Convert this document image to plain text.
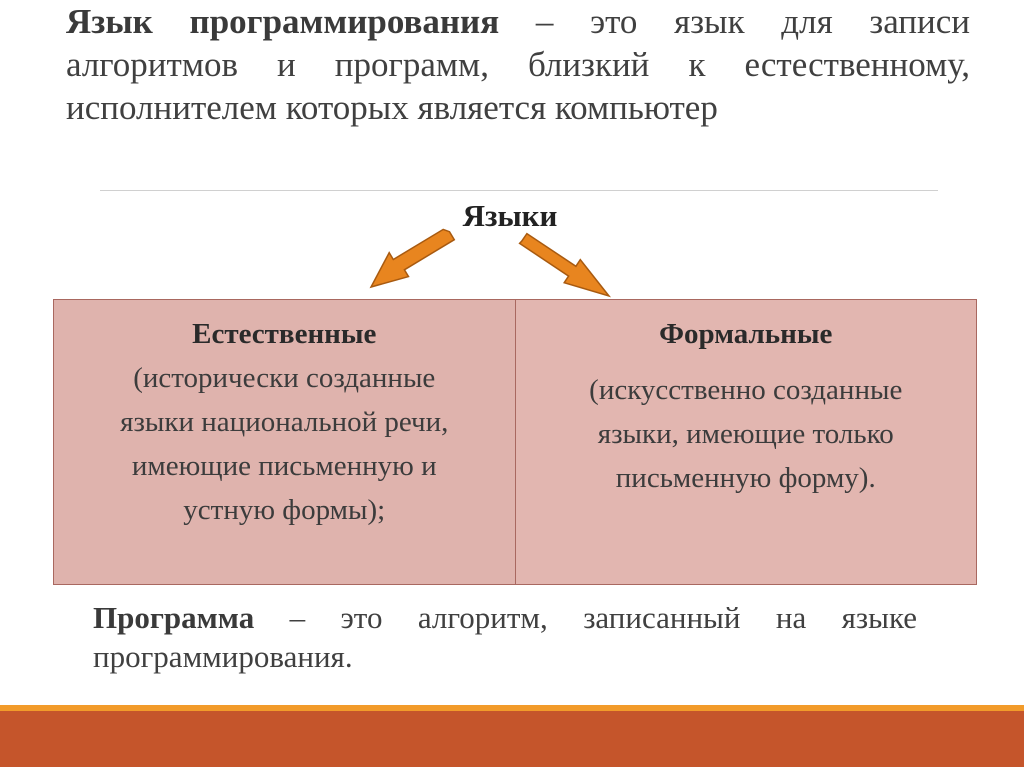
Язык программирования – это язык для записи алгоритмов и программ, близкий к естественному, исполнителем которых является компьютер

Языки
Естественные
(исторически созданные
языки национальной речи,
имеющие письменную и
устную формы);
Формальные
(искусственно созданные
языки, имеющие только
письменную форму).

Программа – это алгоритм, записанный на языке программирования.
